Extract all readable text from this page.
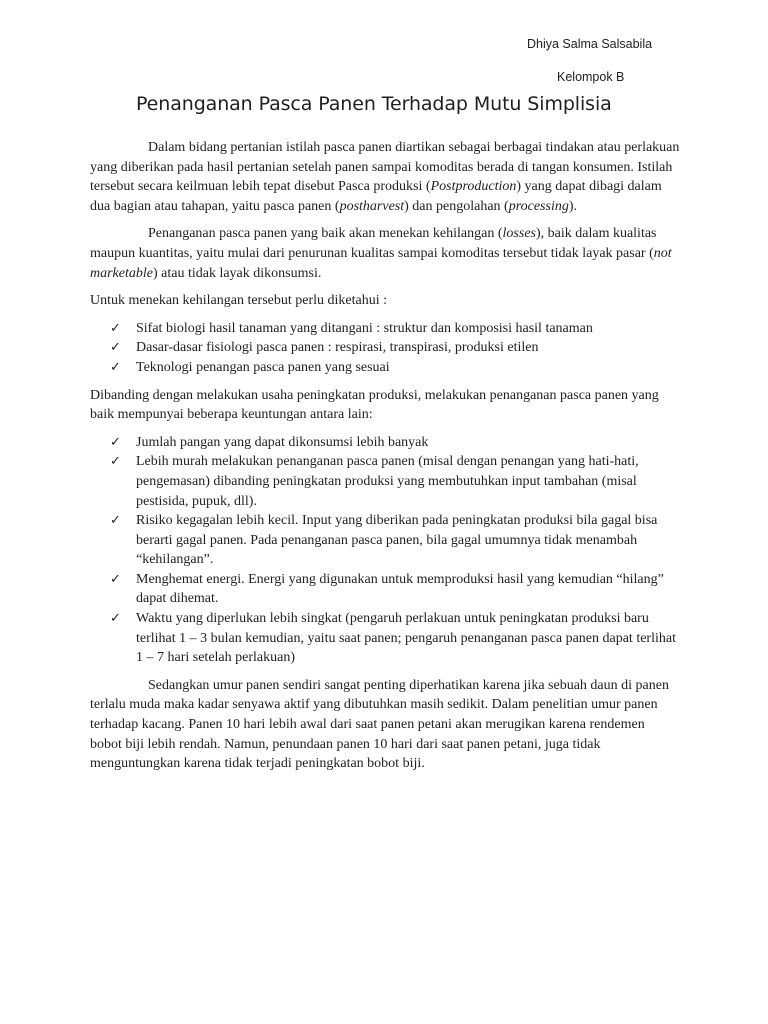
Dhiya Salma Salsabila
Kelompok B
Penanganan Pasca Panen Terhadap Mutu Simplisia

Dalam bidang pertanian istilah pasca panen diartikan sebagai berbagai tindakan atau perlakuan yang diberikan pada hasil pertanian setelah panen sampai komoditas berada di tangan konsumen. Istilah tersebut secara keilmuan lebih tepat disebut Pasca produksi (Postproduction) yang dapat dibagi dalam dua bagian atau tahapan, yaitu pasca panen (postharvest) dan pengolahan (processing).

Penanganan pasca panen yang baik akan menekan kehilangan (losses), baik dalam kualitas maupun kuantitas, yaitu mulai dari penurunan kualitas sampai komoditas tersebut tidak layak pasar (not marketable) atau tidak layak dikonsumsi.

Untuk menekan kehilangan tersebut perlu diketahui :

✓ Sifat biologi hasil tanaman yang ditangani : struktur dan komposisi hasil tanaman
✓ Dasar-dasar fisiologi pasca panen : respirasi, transpirasi, produksi etilen
✓ Teknologi penangan pasca panen yang sesuai

Dibanding dengan melakukan usaha peningkatan produksi, melakukan penanganan pasca panen yang baik mempunyai beberapa keuntungan antara lain:

✓ Jumlah pangan yang dapat dikonsumsi lebih banyak
✓ Lebih murah melakukan penanganan pasca panen (misal dengan penangan yang hati-hati, pengemasan) dibanding peningkatan produksi yang membutuhkan input tambahan (misal pestisida, pupuk, dll).
✓ Risiko kegagalan lebih kecil. Input yang diberikan pada peningkatan produksi bila gagal bisa berarti gagal panen. Pada penanganan pasca panen, bila gagal umumnya tidak menambah “kehilangan”.
✓ Menghemat energi. Energi yang digunakan untuk memproduksi hasil yang kemudian “hilang” dapat dihemat.
✓ Waktu yang diperlukan lebih singkat (pengaruh perlakuan untuk peningkatan produksi baru terlihat 1 – 3 bulan kemudian, yaitu saat panen; pengaruh penanganan pasca panen dapat terlihat 1 – 7 hari setelah perlakuan)

Sedangkan umur panen sendiri sangat penting diperhatikan karena jika sebuah daun di panen terlalu muda maka kadar senyawa aktif yang dibutuhkan masih sedikit. Dalam penelitian umur panen terhadap kacang. Panen 10 hari lebih awal dari saat panen petani akan merugikan karena rendemen bobot biji lebih rendah. Namun, penundaan panen 10 hari dari saat panen petani, juga tidak menguntungkan karena tidak terjadi peningkatan bobot biji.
